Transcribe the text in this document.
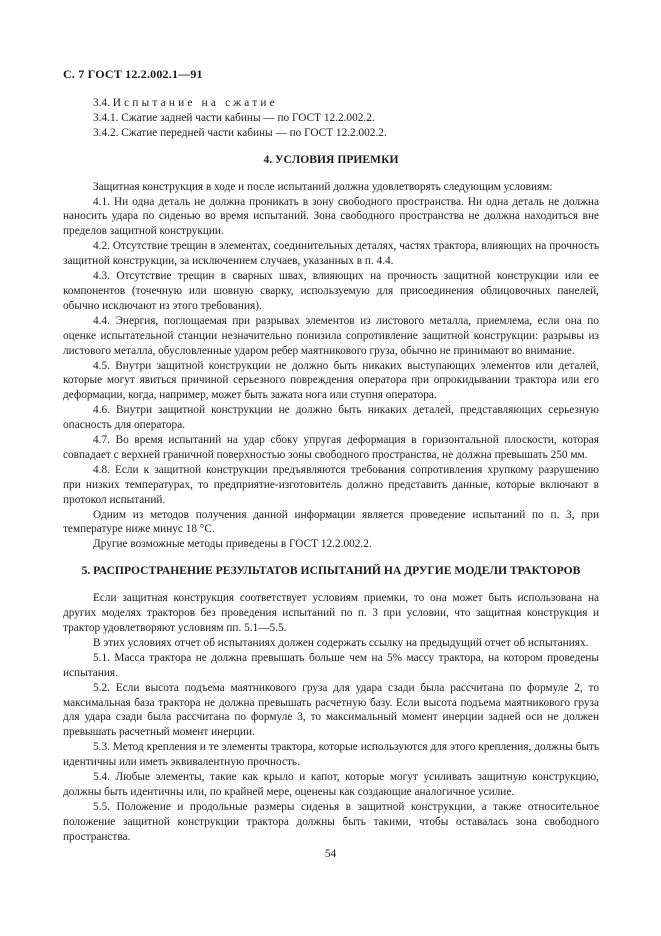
С. 7 ГОСТ 12.2.002.1—91

3.4. Испытание на сжатие

3.4.1. Сжатие задней части кабины — по ГОСТ 12.2.002.2.

3.4.2. Сжатие передней части кабины — по ГОСТ 12.2.002.2.

4. УСЛОВИЯ ПРИЕМКИ

Защитная конструкция в ходе и после испытаний должна удовлетворять следующим условиям:

4.1. Ни одна деталь не должна проникать в зону свободного пространства. Ни одна деталь не должна наносить удара по сиденью во время испытаний. Зона свободного пространства не должна находиться вне пределов защитной конструкции.

4.2. Отсутствие трещин в элементах, соединительных деталях, частях трактора, влияющих на прочность защитной конструкции, за исключением случаев, указанных в п. 4.4.

4.3. Отсутствие трещин в сварных швах, влияющих на прочность защитной конструкции или ее компонентов (точечную или шовную сварку, используемую для присоединения облицовочных панелей, обычно исключают из этого требования).

4.4. Энергия, поглощаемая при разрывах элементов из листового металла, приемлема, если она по оценке испытательной станции незначительно понизила сопротивление защитной конструкции: разрывы из листового металла, обусловленные ударом ребер маятникового груза, обычно не принимают во внимание.

4.5. Внутри защитной конструкции не должно быть никаких выступающих элементов или деталей, которые могут явиться причиной серьезного повреждения оператора при опрокидывании трактора или его деформации, когда, например, может быть зажата нога или ступня оператора.

4.6. Внутри защитной конструкции не должно быть никаких деталей, представляющих серьезную опасность для оператора.

4.7. Во время испытаний на удар сбоку упругая деформация в горизонтальной плоскости, которая совпадает с верхней граничной поверхностью зоны свободного пространства, не должна превышать 250 мм.

4.8. Если к защитной конструкции предъявляются требования сопротивления хрупкому разрушению при низких температурах, то предприятие-изготовитель должно представить данные, которые включают в протокол испытаний.

Одним из методов получения данной информации является проведение испытаний по п. 3, при температуре ниже минус 18 °С.

Другие возможные методы приведены в ГОСТ 12.2.002.2.

5. РАСПРОСТРАНЕНИЕ РЕЗУЛЬТАТОВ ИСПЫТАНИЙ НА ДРУГИЕ МОДЕЛИ ТРАКТОРОВ

Если защитная конструкция соответствует условиям приемки, то она может быть использована на других моделях тракторов без проведения испытаний по п. 3 при условии, что защитная конструкция и трактор удовлетворяют условиям пп. 5.1—5.5.

В этих условиях отчет об испытаниях должен содержать ссылку на предыдущий отчет об испытаниях.

5.1. Масса трактора не должна превышать больше чем на 5% массу трактора, на котором проведены испытания.

5.2. Если высота подъема маятникового груза для удара сзади была рассчитана по формуле 2, то максимальная база трактора не должна превышать расчетную базу. Если высота подъема маятникового груза для удара сзади была рассчитана по формуле 3, то максимальный момент инерции задней оси не должен превышать расчетный момент инерции.

5.3. Метод крепления и те элементы трактора, которые используются для этого крепления, должны быть идентичны или иметь эквивалентную прочность.

5.4. Любые элементы, такие как крыло и капот, которые могут усиливать защитную конструкцию, должны быть идентичны или, по крайней мере, оценены как создающие аналогичное усилие.

5.5. Положение и продольные размеры сиденья в защитной конструкции, а также относительное положение защитной конструкции трактора должны быть такими, чтобы оставалась зона свободного пространства.

54
